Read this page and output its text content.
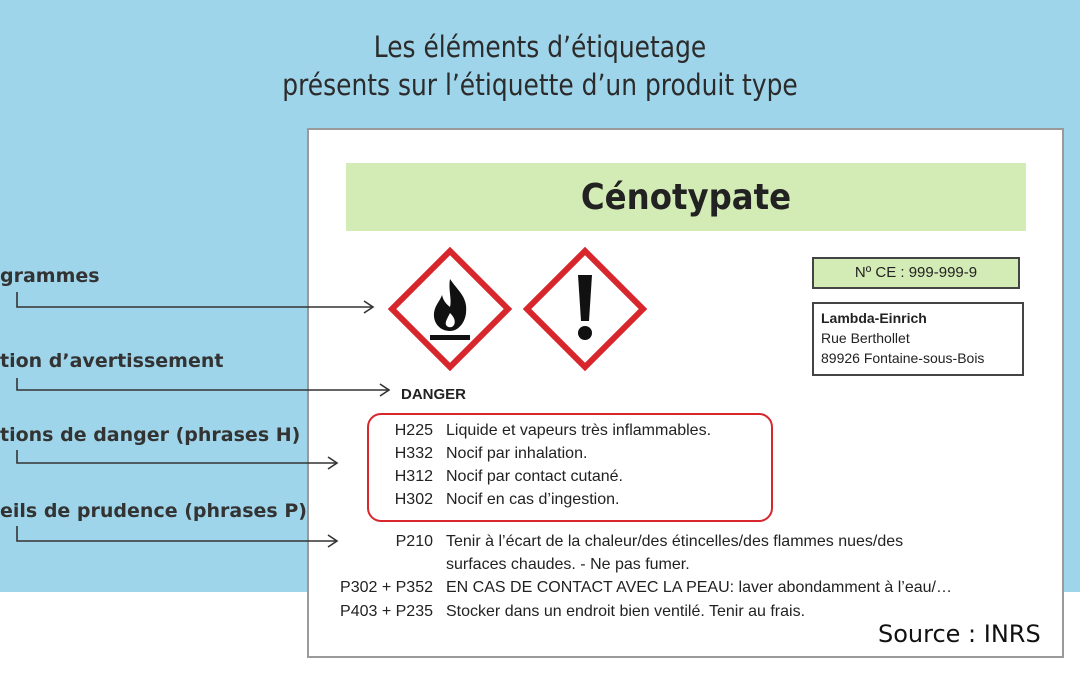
Les éléments d’étiquetage
présents sur l’étiquette d’un produit type
grammes
tion d’avertissement
tions de danger (phrases H)
eils de prudence (phrases P)
Cénotypate
Nº CE : 999-999-9
Lambda-Einrich
Rue Berthollet
89926 Fontaine-sous-Bois
DANGER
H225 Liquide et vapeurs très inflammables.
H332 Nocif par inhalation.
H312 Nocif par contact cutané.
H302 Nocif en cas d’ingestion.
P210 Tenir à l’écart de la chaleur/des étincelles/des flammes nues/des
surfaces chaudes. - Ne pas fumer.
P302 + P352 EN CAS DE CONTACT AVEC LA PEAU: laver abondamment à l’eau/…
P403 + P235 Stocker dans un endroit bien ventilé. Tenir au frais.
Source : INRS
